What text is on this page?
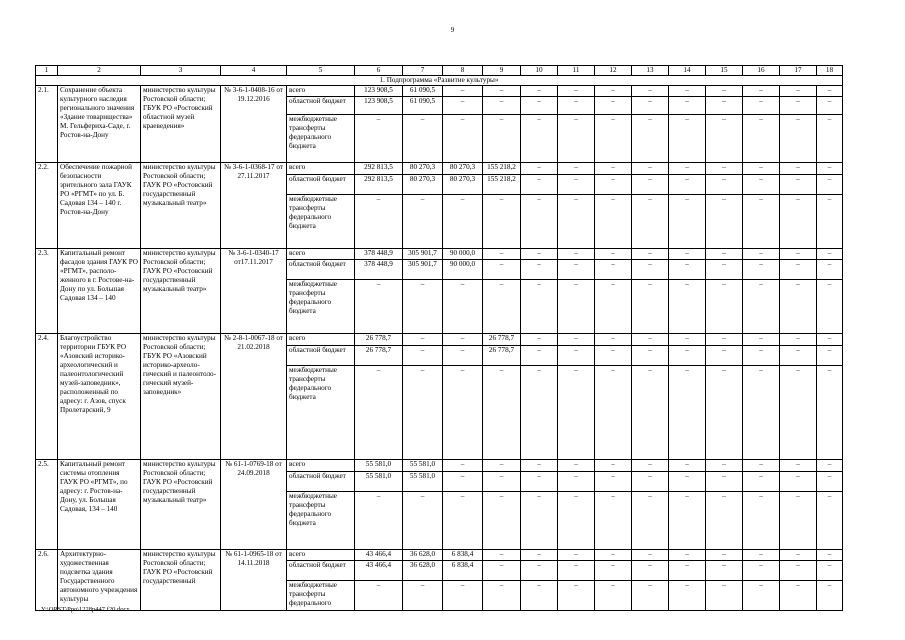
9
1	2	3	4	5	6	7	8	9	10	11	12	13	14	15	16	17	18
1. Подпрограмма «Развитие культуры»																	
2.1.	Сохранение объекта культурного наследия регионального значения «Здание товарищества» М. Гельфериха-Саде, г. Ростов-на-Дону	министерство культуры Ростовской области; ГБУК РО «Ростовский областной музей краеведения»	№ 3-6-1-0408-16 от 19.12.2016	всего	123 908,5	61 090,5	–	–	–	–	–	–	–	–	–	–	–
				областной бюджет	123 908,5	61 090,5	–	–	–	–	–	–	–	–	–	–	–
				межбюджетные трансферты федерального бюджета	–	–	–	–	–	–	–	–	–	–	–	–	–
2.2.	Обеспечение пожарной безопасности зрительного зала ГАУК РО «РГМТ» по ул. Б. Садовая 134 – 140 г. Ростов-на-Дону	министерство культуры Ростовской области; ГАУК РО «Ростовский государственный музыкальный театр»	№ 3-6-1-0368-17 от 27.11.2017	всего	292 813,5	80 270,3	80 270,3	155 218,2	–	–	–	–	–	–	–	–	–
				областной бюджет	292 813,5	80 270,3	80 270,3	155 218,2	–	–	–	–	–	–	–	–	–
				межбюджетные трансферты федерального бюджета	–	–	–	–	–	–	–	–	–	–	–	–	–
2.3.	Капитальный ремонт фасадов здания ГАУК РО «РГМТ», расположенного в г. Ростове-на-Дону по ул. Большая Садовая 134 – 140	министерство культуры Ростовской области; ГАУК РО «Ростовский государственный музыкальный театр»	№ 3-6-1-0340-17 от17.11.2017	всего	378 448,9	305 901,7	90 000,0	–	–	–	–	–	–	–	–	–	–
				областной бюджет	378 448,9	305 901,7	90 000,0	–	–	–	–	–	–	–	–	–	–
				межбюджетные трансферты федерального бюджета	–	–	–	–	–	–	–	–	–	–	–	–	–
2.4.	Благоустройство территории ГБУК РО «Азовский историко-археологический и палеонтологический музей-заповедник», расположенный по адресу: г. Азов, спуск Пролетарский, 9	министерство культуры Ростовской области; ГБУК РО «Азовский историко-археологический и палеонтологический музей-заповедник»	№ 2-8-1-0067-18 от 21.02.2018	всего	26 778,7	–	–	26 778,7	–	–	–	–	–	–	–	–	–
				областной бюджет	26 778,7	–	–	26 778,7	–	–	–	–	–	–	–	–	–
				межбюджетные трансферты федерального бюджета	–	–	–	–	–	–	–	–	–	–	–	–	–
2.5.	Капитальный ремонт системы отопления ГАУК РО «РГМТ», по адресу: г. Ростов-на-Дону, ул. Большая Садовая, 134 – 140	министерство культуры Ростовской области; ГАУК РО «Ростовский государственный музыкальный театр»	№ 61-1-0769-18 от 24.09.2018	всего	55 581,0	55 581,0	–	–	–	–	–	–	–	–	–	–	–
				областной бюджет	55 581,0	55 581,0	–	–	–	–	–	–	–	–	–	–	–
				межбюджетные трансферты федерального бюджета	–	–	–	–	–	–	–	–	–	–	–	–	–
2.6.	Архитектурно-художественная подсветка здания Государственного автономного учреждения культуры	министерство культуры Ростовской области; ГАУК РО «Ростовский государственный	№ 61-1-0965-18 от 14.11.2018	всего	43 466,4	36 628,0	6 838,4	–	–	–	–	–	–	–	–	–	–
				областной бюджет	43 466,4	36 628,0	6 838,4	–	–	–	–	–	–	–	–	–	–
				межбюджетные трансферты федерального	–	–	–	–	–	–	–	–	–	–	–	–	–
Y:\ORST\Ppo\1228p447.f20.docx
